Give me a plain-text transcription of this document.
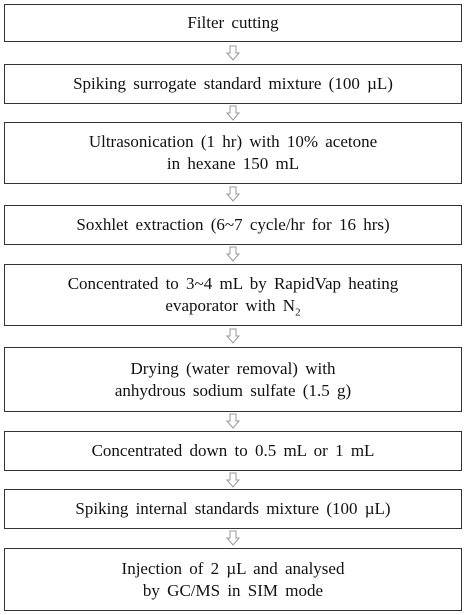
Filter cutting
Spiking surrogate standard mixture (100 µL)
Ultrasonication (1 hr) with 10% acetone
in hexane 150 mL
Soxhlet extraction (6~7 cycle/hr for 16 hrs)
Concentrated to 3~4 mL by RapidVap heating
evaporator with $N_2$
Drying (water removal) with
anhydrous sodium sulfate (1.5 g)
Concentrated down to 0.5 mL or 1 mL
Spiking internal standards mixture (100 µL)
Injection of 2 µL and analysed
by GC/MS in SIM mode
